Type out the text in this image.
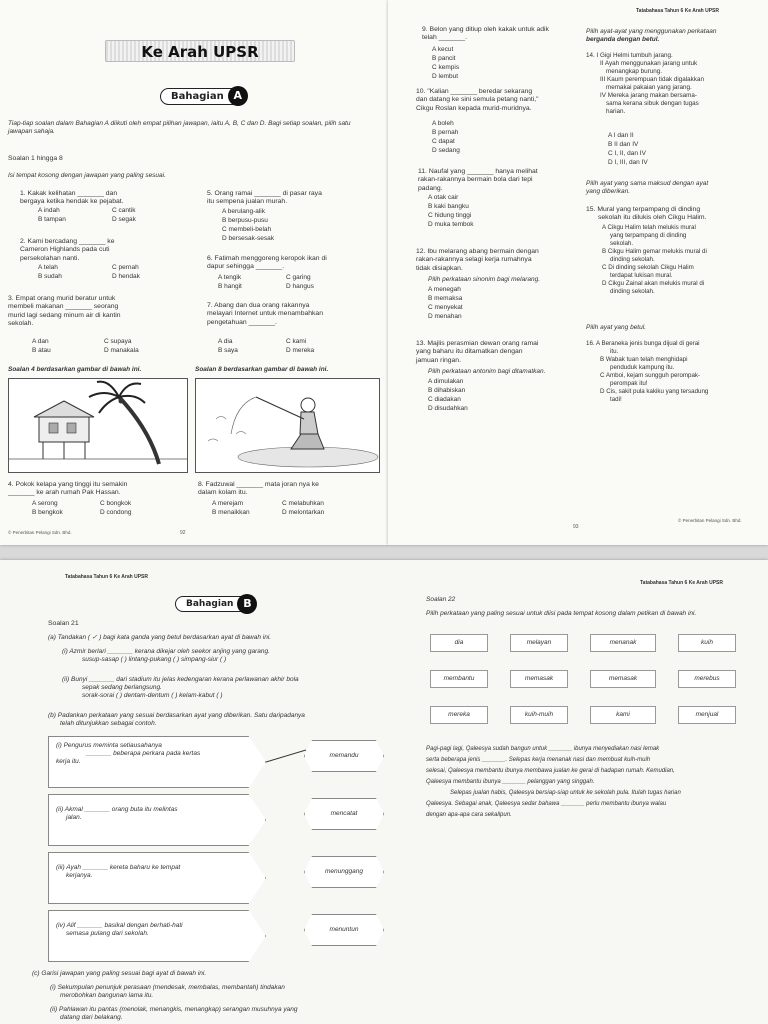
Ke Arah UPSR
Bahagian A
Tiap-tiap soalan dalam Bahagian A diikuti oleh empat pilihan jawapan, iaitu A, B, C dan D. Bagi setiap soalan, pilih satu jawapan sahaja.
Soalan 1 hingga 8
Isi tempat kosong dengan jawapan yang paling sesuai.
1. Kakak kelihatan _______ dan
bergaya ketika hendak ke pejabat.
A indah	C cantik
B tampan	D segak
2. Kami bercadang _______ ke
Cameron Highlands pada cuti
persekolahan nanti.
A telah	C pernah
B sudah	D hendak
3. Empat orang murid beratur untuk
membeli makanan _______ seorang
murid lagi sedang minum air di kantin
sekolah.
A dan	C supaya
B atau	D manakala
5. Orang ramai _______ di pasar raya
itu sempena jualan murah.
A berulang-alik
B berpusu-pusu
C membeli-belah
D bersesak-sesak
6. Fatimah menggoreng keropok ikan di
dapur sehingga _______.
A tengik	C garing
B hangit	D hangus
7. Abang dan dua orang rakannya
melayari Internet untuk menambahkan
pengetahuan _______.
A dia	C kami
B saya	D mereka
Soalan 4 berdasarkan gambar di bawah ini.	Soalan 8 berdasarkan gambar di bawah ini.
4. Pokok kelapa yang tinggi itu semakin
_______ ke arah rumah Pak Hassan.
A serong	C bongkok
B bengkok	D condong
8. Fadzuwal _______ mata joran nya ke
dalam kolam itu.
A merejam	C melabuhkan
B menaikkan	D melontarkan
© Penerbitan Pelangi Sdn. Bhd.	92
Tatabahasa Tahun 6 Ke Arah UPSR
9. Belon yang ditiup oleh kakak untuk adik
telah _______.
A kecut
B pancit
C kempis
D lembut
10. "Kalian _______ beredar sekarang
dan datang ke sini semula petang nanti,"
Cikgu Roslan kepada murid-muridnya.
A boleh
B pernah
C dapat
D sedang
11. Naufal yang _______ hanya melihat
rakan-rakannya bermain bola dari tepi
padang.
A otak cair
B kaki bangku
C hidung tinggi
D muka tembok
12. Ibu melarang abang bermain dengan
rakan-rakannya selagi kerja rumahnya
tidak disiapkan.
Pilih perkataan sinonim bagi melarang.
A menegah
B memaksa
C menyekat
D menahan
13. Majlis perasmian dewan orang ramai
yang baharu itu ditamatkan dengan
jamuan ringan.
Pilih perkataan antonim bagi ditamatkan.
A dimulakan
B dihabiskan
C diadakan
D disudahkan
Pilih ayat-ayat yang menggunakan perkataan
berganda dengan betul.
14. I Gigi Helmi tumbuh jarang.
II Ayah menggunakan jarang untuk
menangkap burung.
III Kaum perempuan tidak digalakkan
memakai pakaian yang jarang.
IV Mereka jarang makan bersama-
sama kerana sibuk dengan tugas
harian.
A I dan II
B II dan IV
C I, II, dan IV
D I, III, dan IV
Pilih ayat yang sama maksud dengan ayat
yang diberikan.
15. Mural yang terpampang di dinding
sekolah itu dilukis oleh Cikgu Halim.
A Cikgu Halim telah melukis mural
yang terpampang di dinding
sekolah.
B Cikgu Halim gemar melukis mural di
dinding sekolah.
C Di dinding sekolah Cikgu Halim
terdapat lukisan mural.
D Cikgu Zainal akan melukis mural di
dinding sekolah.
Pilih ayat yang betul.
16. A Beraneka jenis bunga dijual di gerai
itu.
B Wabak tuan telah menghidapi
penduduk kampung itu.
C Amboi, kejam sungguh perompak-
perompak itu!
D Cis, sakit pula kakiku yang tersadung
tadi!
© Penerbitan Pelangi Sdn. Bhd.
93
Tatabahasa Tahun 6 Ke Arah UPSR
Tatabahasa Tahun 6 Ke Arah UPSR
Bahagian B
Soalan 21
(a) Tandakan ( ✓ ) bagi kata ganda yang betul berdasarkan ayat di bawah ini.
(i) Azmir berlari _______ kerana dikejar oleh seekor anjing yang garang.
susup-sasap ( ) lintang-pukang ( ) simpang-siur ( )
(ii) Bunyi _______ dari stadium itu jelas kedengaran kerana perlawanan akhir bola
sepak sedang berlangsung.
sorak-sorai ( ) dentam-dentum ( ) kelam-kabut ( )
(b) Padankan perkataan yang sesuai berdasarkan ayat yang diberikan. Satu daripadanya
telah ditunjukkan sebagai contoh.
(i) Pengurus meminta setiausahanya
_______ beberapa perkara pada kertas
kerja itu.
(ii) Akmal _______ orang buta itu melintas
jalan.
(iii) Ayah _______ kereta baharu ke tempat
kerjanya.
(iv) Alif _______ basikal dengan berhati-hati
semasa pulang dari sekolah.
memandu
mencatat
menunggang
menuntun
(c) Garisi jawapan yang paling sesuai bagi ayat di bawah ini.
(i) Sekumpulan penunjuk perasaan (mendesak, membalas, membantah) tindakan
merobohkan bangunan lama itu.
(ii) Pahlawan itu pantas (menolak, menangkis, menangkap) serangan musuhnya yang
datang dari belakang.
Soalan 22
Pilih perkataan yang paling sesuai untuk diisi pada tempat kosong dalam petikan di bawah ini.
dia	melayan	menanak	kuih
membantu	memasak	memasak	merebus
mereka	kuih-muih	kami	menjual
Pagi-pagi lagi, Qaleesya sudah bangun untuk _______ ibunya menyediakan nasi lemak
serta beberapa jenis _______. Selepas kerja menanak nasi dan membuat kuih-muih
selesai, Qaleesya membantu ibunya membawa jualan ke gerai di hadapan rumah. Kemudian,
Qaleesya membantu ibunya _______ pelanggan yang singgah.
Selepas jualan habis, Qaleesya bersiap-siap untuk ke sekolah pula. Itulah tugas harian
Qaleesya. Sebagai anak, Qaleesya sedar bahawa _______ perlu membantu ibunya walau
dengan apa-apa cara sekalipun.
